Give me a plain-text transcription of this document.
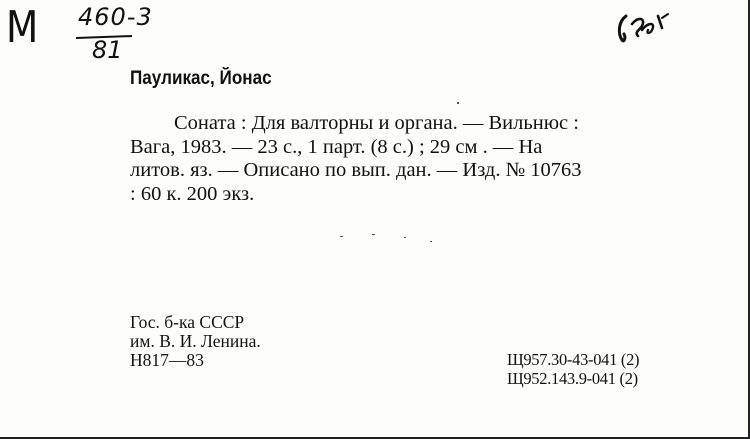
М 460-3
81
Пауликас, Йонас
Соната : Для валторны и органа. — Вильнюс :
Вага, 1983. — 23 с., 1 парт. (8 с.) ; 29 см . — На
литов. яз. — Описано по вып. дан. — Изд. № 10763
: 60 к. 200 экз.
Гос. б-ка СССР
им. В. И. Ленина.
Н817—83	Щ957.30-43-041 (2)
Щ952.143.9-041 (2)
